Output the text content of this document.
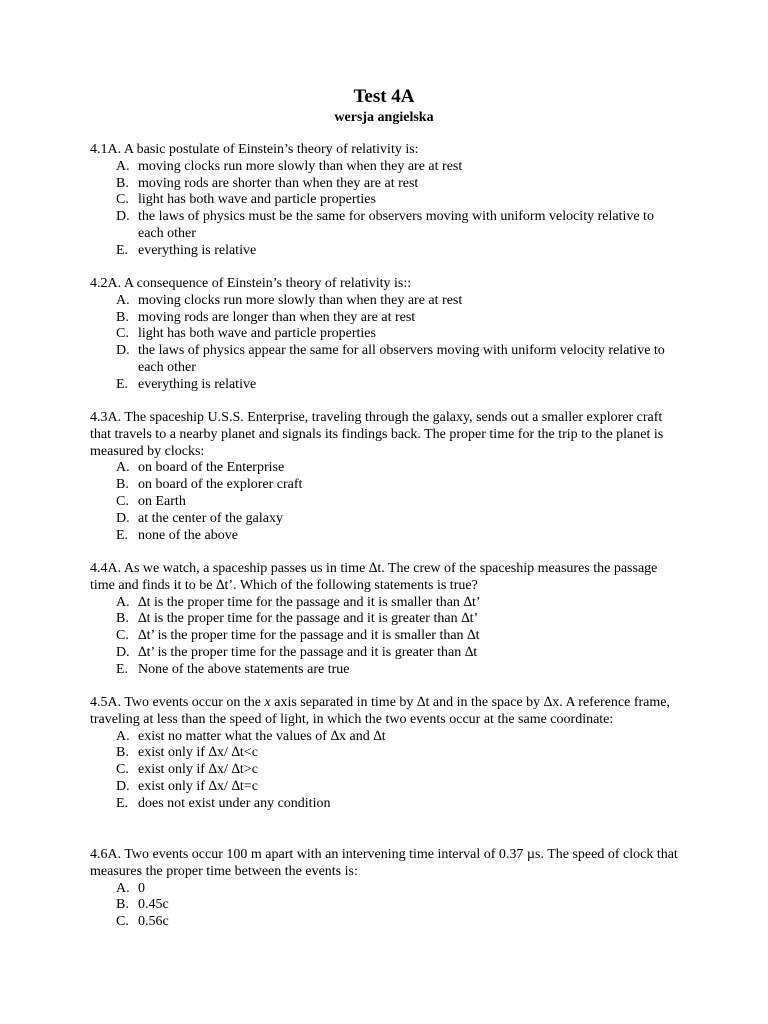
Test 4A
wersja angielska

4.1A. A basic postulate of Einstein’s theory of relativity is:

A. moving clocks run more slowly than when they are at rest
B. moving rods are shorter than when they are at rest
C. light has both wave and particle properties
D. the laws of physics must be the same for observers moving with uniform velocity relative to each other
E. everything is relative

4.2A. A consequence of Einstein’s theory of relativity is::

A. moving clocks run more slowly than when they are at rest
B. moving rods are longer than when they are at rest
C. light has both wave and particle properties
D. the laws of physics appear the same for all observers moving with uniform velocity relative to each other
E. everything is relative

4.3A. The spaceship U.S.S. Enterprise, traveling through the galaxy, sends out a smaller explorer craft that travels to a nearby planet and signals its findings back. The proper time for the trip to the planet is measured by clocks:

A. on board of the Enterprise
B. on board of the explorer craft
C. on Earth
D. at the center of the galaxy
E. none of the above

4.4A. As we watch, a spaceship passes us in time ∆t. The crew of the spaceship measures the passage time and finds it to be ∆t’. Which of the following statements is true?

A. ∆t is the proper time for the passage and it is smaller than ∆t’
B. ∆t is the proper time for the passage and it is greater than ∆t’
C. ∆t’ is the proper time for the passage and it is smaller than ∆t
D. ∆t’ is the proper time for the passage and it is greater than ∆t
E. None of the above statements are true

4.5A. Two events occur on the x axis separated in time by ∆t and in the space by ∆x. A reference frame, traveling at less than the speed of light, in which the two events occur at the same coordinate:

A. exist no matter what the values of ∆x and ∆t
B. exist only if ∆x/ ∆t<c
C. exist only if ∆x/ ∆t>c
D. exist only if ∆x/ ∆t=c
E. does not exist under any condition

4.6A. Two events occur 100 m apart with an intervening time interval of 0.37 µs. The speed of clock that measures the proper time between the events is:

A. 0
B. 0.45c
C. 0.56c
